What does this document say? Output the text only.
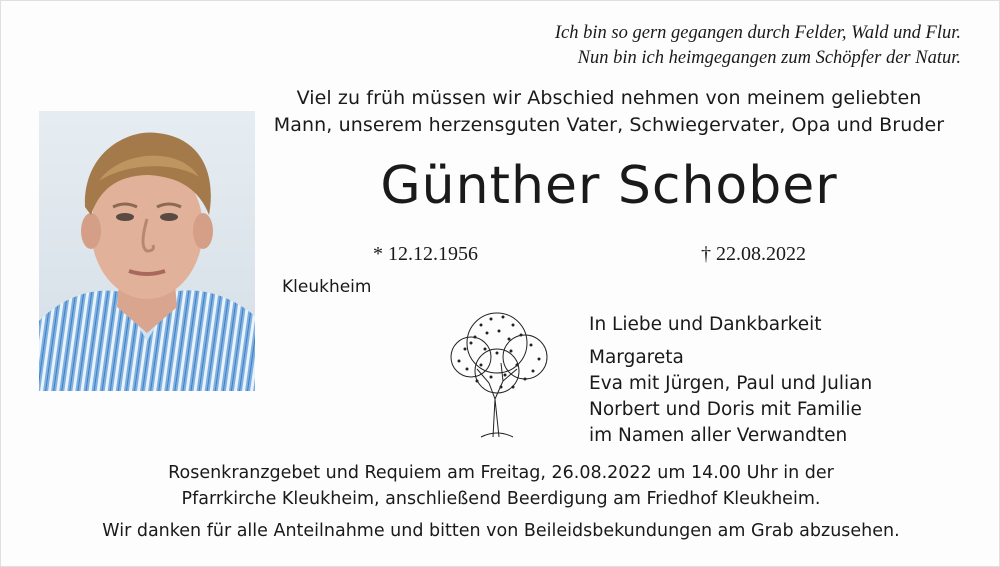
Ich bin so gern gegangen durch Felder, Wald und Flur.
Nun bin ich heimgegangen zum Schöpfer der Natur.
Viel zu früh müssen wir Abschied nehmen von meinem geliebten
Mann, unserem herzensguten Vater, Schwiegervater, Opa und Bruder
Günther Schober
* 12.12.1956	† 22.08.2022
Kleukheim
In Liebe und Dankbarkeit
Margareta
Eva mit Jürgen, Paul und Julian
Norbert und Doris mit Familie
im Namen aller Verwandten
Rosenkranzgebet und Requiem am Freitag, 26.08.2022 um 14.00 Uhr in der
Pfarrkirche Kleukheim, anschließend Beerdigung am Friedhof Kleukheim.
Wir danken für alle Anteilnahme und bitten von Beileidsbekundungen am Grab abzusehen.
